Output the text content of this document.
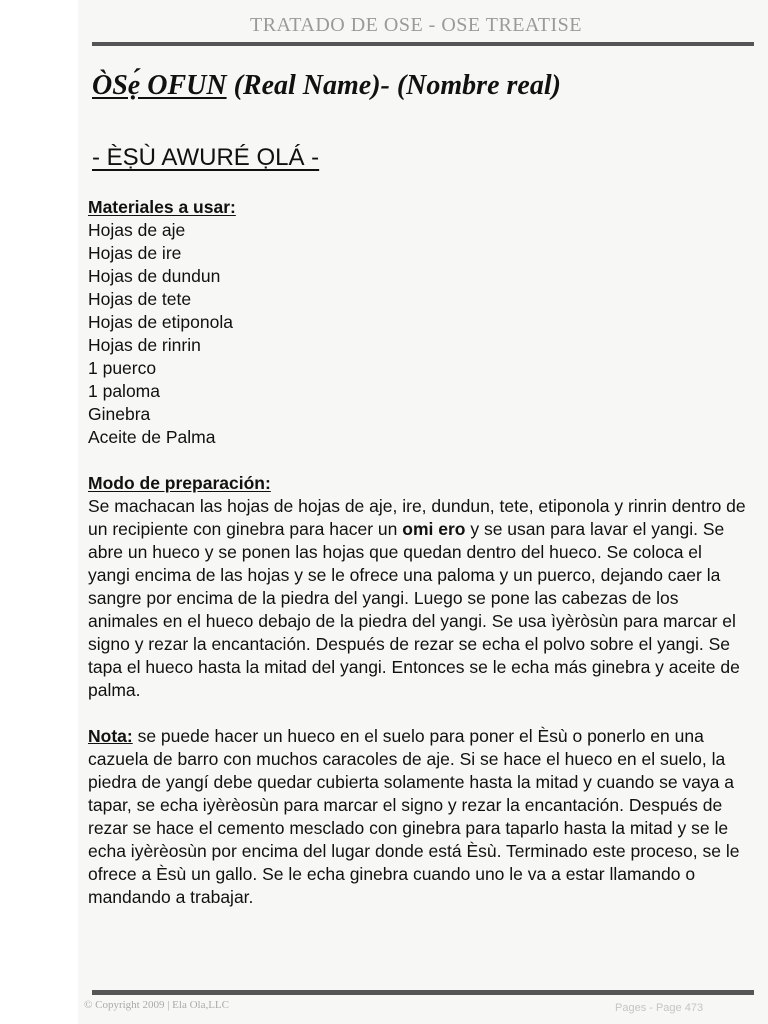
TRATADO DE OSE - OSE TREATISE
ÒSẹ́ OFUN (Real Name)- (Nombre real)
- ÈṢÙ AWURÉ ỌLÁ -
Materiales a usar:
Hojas de aje
Hojas de ire
Hojas de dundun
Hojas de tete
Hojas de etiponola
Hojas de rinrin
1 puerco
1 paloma
Ginebra
Aceite de Palma
Modo de preparación:

Se machacan las hojas de hojas de aje, ire, dundun, tete, etiponola y rinrin dentro de un recipiente con ginebra para hacer un omi ero y se usan para lavar el yangi. Se abre un hueco y se ponen las hojas que quedan dentro del hueco. Se coloca el yangi encima de las hojas y se le ofrece una paloma y un puerco, dejando caer la sangre por encima de la piedra del yangi. Luego se pone las cabezas de los animales en el hueco debajo de la piedra del yangi. Se usa ìyèròsùn para marcar el signo y rezar la encantación. Después de rezar se echa el polvo sobre el yangi. Se tapa el hueco hasta la mitad del yangi. Entonces se le echa más ginebra y aceite de palma.

Nota: se puede hacer un hueco en el suelo para poner el Èsù o ponerlo en una cazuela de barro con muchos caracoles de aje. Si se hace el hueco en el suelo, la piedra de yangí debe quedar cubierta solamente hasta la mitad y cuando se vaya a tapar, se echa iyèrèosùn para marcar el signo y rezar la encantación. Después de rezar se hace el cemento mesclado con ginebra para taparlo hasta la mitad y se le echa iyèrèosùn por encima del lugar donde está Èsù. Terminado este proceso, se le ofrece a Èsù un gallo. Se le echa ginebra cuando uno le va a estar llamando o mandando a trabajar.

© Copyright 2009 | Ela Ola,LLC	Pages - Page 473
